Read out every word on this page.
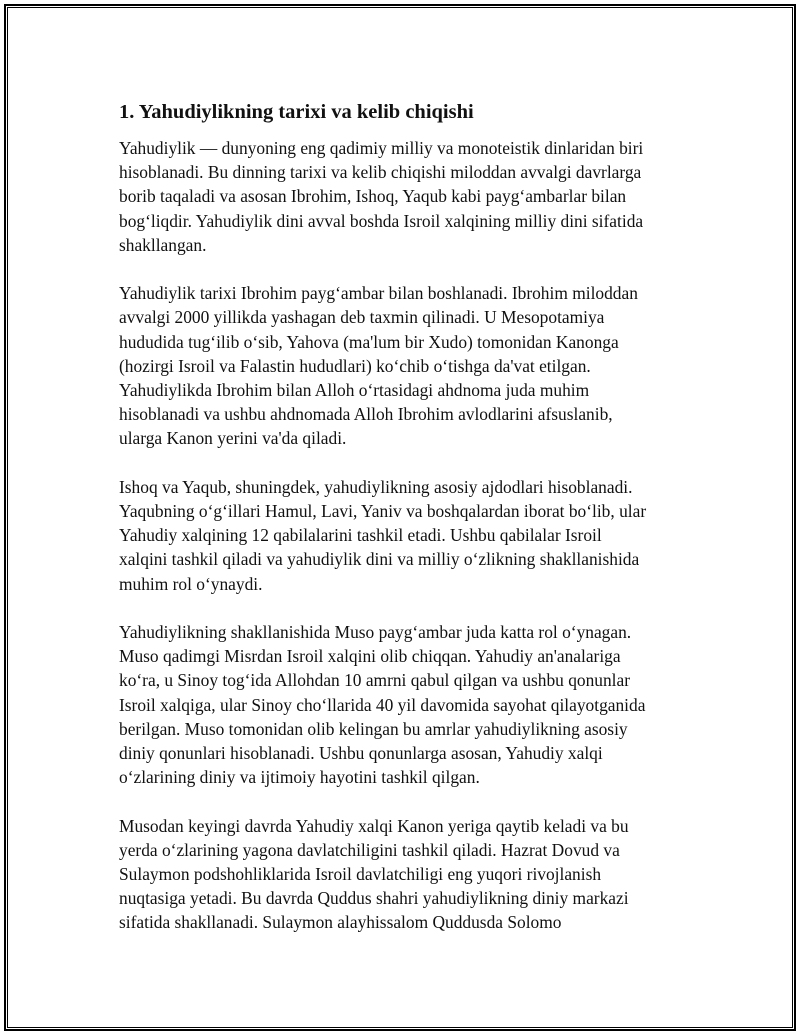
1. Yahudiylikning tarixi va kelib chiqishi
Yahudiylik — dunyoning eng qadimiy milliy va monoteistik dinlaridan biri
hisoblanadi. Bu dinning tarixi va kelib chiqishi miloddan avvalgi davrlarga
borib taqaladi va asosan Ibrohim, Ishoq, Yaqub kabi payg‘ambarlar bilan
bog‘liqdir. Yahudiylik dini avval boshda Isroil xalqining milliy dini sifatida
shakllangan.
Yahudiylik tarixi Ibrohim payg‘ambar bilan boshlanadi. Ibrohim miloddan
avvalgi 2000 yillikda yashagan deb taxmin qilinadi. U Mesopotamiya
hududida tug‘ilib o‘sib, Yahova (ma'lum bir Xudo) tomonidan Kanonga
(hozirgi Isroil va Falastin hududlari) ko‘chib o‘tishga da'vat etilgan.
Yahudiylikda Ibrohim bilan Alloh o‘rtasidagi ahdnoma juda muhim
hisoblanadi va ushbu ahdnomada Alloh Ibrohim avlodlarini afsuslanib,
ularga Kanon yerini va'da qiladi.
Ishoq va Yaqub, shuningdek, yahudiylikning asosiy ajdodlari hisoblanadi.
Yaqubning o‘g‘illari Hamul, Lavi, Yaniv va boshqalardan iborat bo‘lib, ular
Yahudiy xalqining 12 qabilalarini tashkil etadi. Ushbu qabilalar Isroil
xalqini tashkil qiladi va yahudiylik dini va milliy o‘zlikning shakllanishida
muhim rol o‘ynaydi.
Yahudiylikning shakllanishida Muso payg‘ambar juda katta rol o‘ynagan.
Muso qadimgi Misrdan Isroil xalqini olib chiqqan. Yahudiy an'analariga
ko‘ra, u Sinoy tog‘ida Allohdan 10 amrni qabul qilgan va ushbu qonunlar
Isroil xalqiga, ular Sinoy cho‘llarida 40 yil davomida sayohat qilayotganida
berilgan. Muso tomonidan olib kelingan bu amrlar yahudiylikning asosiy
diniy qonunlari hisoblanadi. Ushbu qonunlarga asosan, Yahudiy xalqi
o‘zlarining diniy va ijtimoiy hayotini tashkil qilgan.
Musodan keyingi davrda Yahudiy xalqi Kanon yeriga qaytib keladi va bu
yerda o‘zlarining yagona davlatchiligini tashkil qiladi. Hazrat Dovud va
Sulaymon podshohliklarida Isroil davlatchiligi eng yuqori rivojlanish
nuqtasiga yetadi. Bu davrda Quddus shahri yahudiylikning diniy markazi
sifatida shakllanadi. Sulaymon alayhissalom Quddusda Solomo
